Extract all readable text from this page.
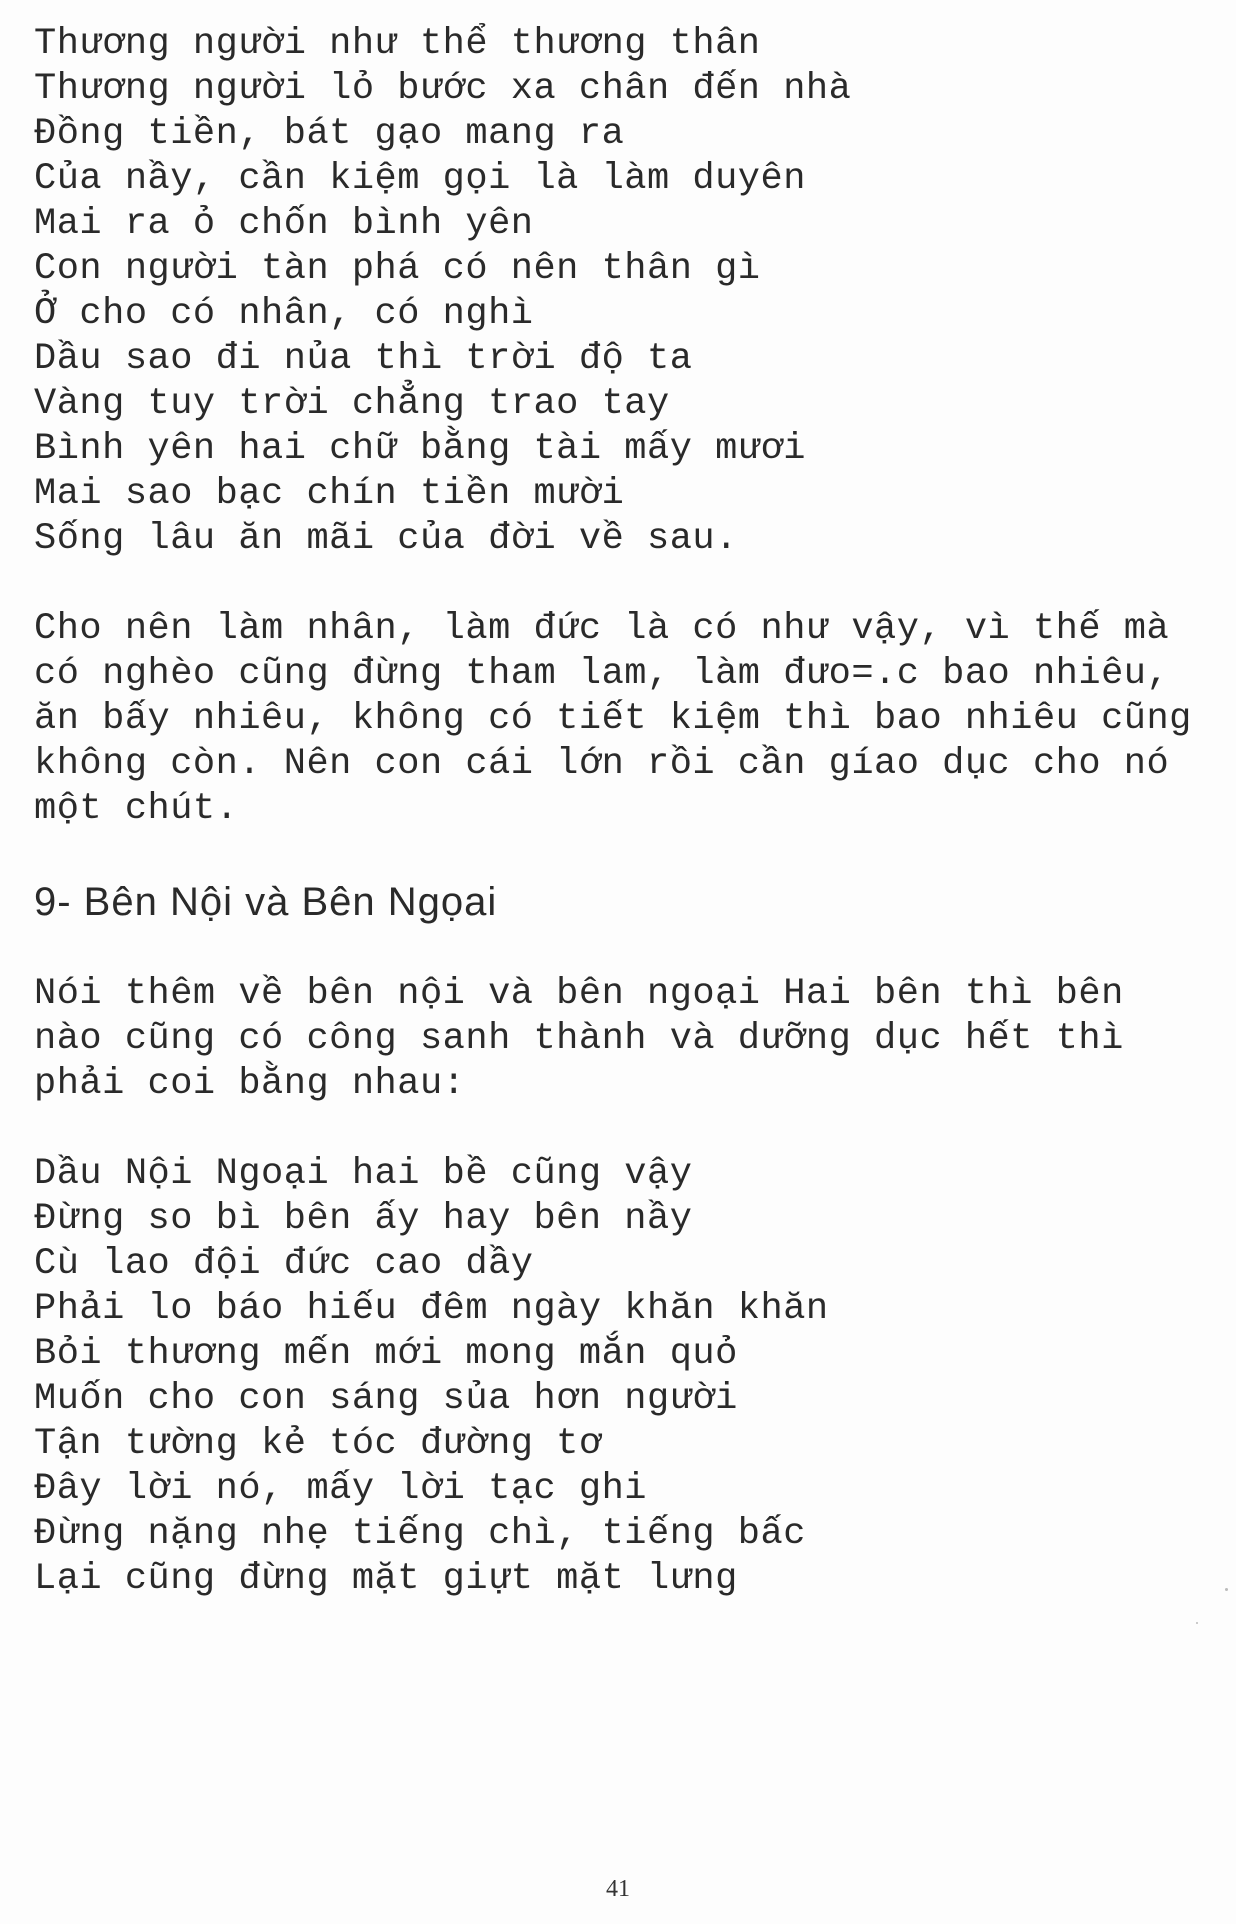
Thương người như thể thương thân
Thương người lỏ bước xa chân đến nhà
Đồng tiền, bát gạo mang ra
Của nầy, cần kiệm gọi là làm duyên
Mai ra ỏ chốn bình yên
Con người tàn phá có nên thân gì
Ở cho có nhân, có nghì
Dầu sao đi nủa thì trời độ ta
Vàng tuy trời chẳng trao tay
Bình yên hai chữ bằng tài mấy mươi
Mai sao bạc chín tiền mười
Sống lâu ăn mãi của đời về sau.
Cho nên làm nhân, làm đức là có như vậy, vì thế mà
có nghèo cũng đừng tham lam, làm đưo=.c bao nhiêu,
ăn bấy nhiêu, không có tiết kiệm thì bao nhiêu cũng
không còn. Nên con cái lớn rồi cần gíao dục cho nó
một chút.
9- Bên Nội và Bên Ngọai
Nói thêm về bên nội và bên ngoại Hai bên thì bên
nào cũng có công sanh thành và dưỡng dục hết thì
phải coi bằng nhau:
Dầu Nội Ngoại hai bề cũng vậy
Đừng so bì bên ấy hay bên nầy
Cù lao đội đức cao dầy
Phải lo báo hiếu đêm ngày khăn khăn
Bỏi thương mến mới mong mắn quỏ
Muốn cho con sáng sủa hơn người
Tận tường kẻ tóc đường tơ
Đây lời nó, mấy lời tạc ghi
Đừng nặng nhẹ tiếng chì, tiếng bấc
Lại cũng đừng mặt giựt mặt lưng
41
